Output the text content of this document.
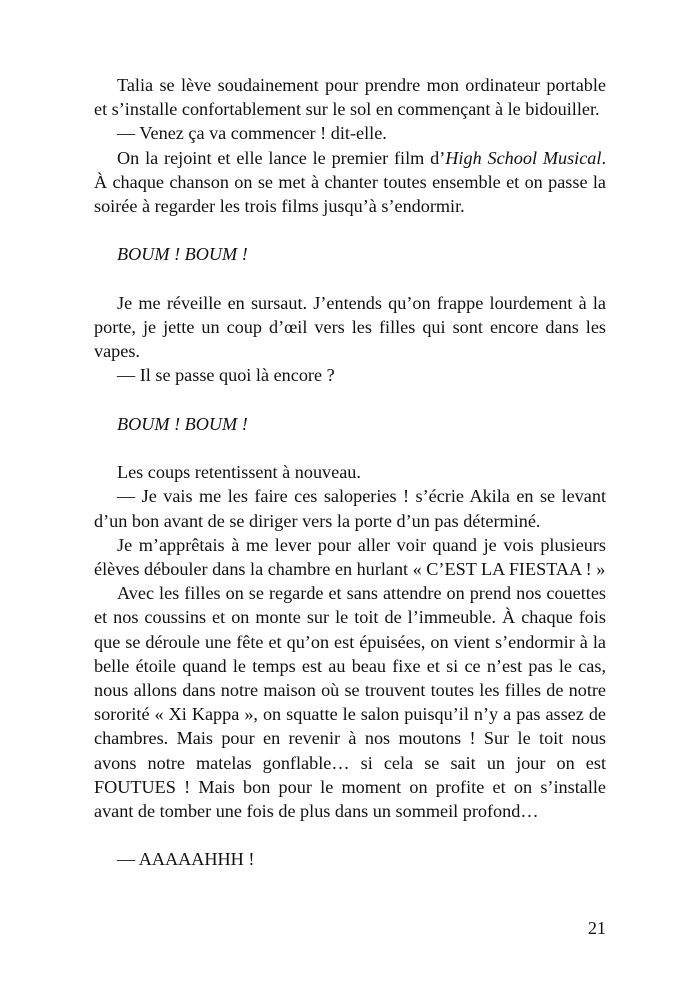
Talia se lève soudainement pour prendre mon ordinateur portable et s’installe confortablement sur le sol en commençant à le bidouiller.

— Venez ça va commencer ! dit-elle.

On la rejoint et elle lance le premier film d’High School Musical. À chaque chanson on se met à chanter toutes ensemble et on passe la soirée à regarder les trois films jusqu’à s’endormir.

BOUM ! BOUM !

Je me réveille en sursaut. J’entends qu’on frappe lourdement à la porte, je jette un coup d’œil vers les filles qui sont encore dans les vapes.

— Il se passe quoi là encore ?

BOUM ! BOUM !

Les coups retentissent à nouveau.

— Je vais me les faire ces saloperies ! s’écrie Akila en se levant d’un bon avant de se diriger vers la porte d’un pas déterminé.

Je m’apprêtais à me lever pour aller voir quand je vois plusieurs élèves débouler dans la chambre en hurlant « C’EST LA FIESTAA ! »

Avec les filles on se regarde et sans attendre on prend nos couettes et nos coussins et on monte sur le toit de l’immeuble. À chaque fois que se déroule une fête et qu’on est épuisées, on vient s’endormir à la belle étoile quand le temps est au beau fixe et si ce n’est pas le cas, nous allons dans notre maison où se trouvent toutes les filles de notre sororité « Xi Kappa », on squatte le salon puisqu’il n’y a pas assez de chambres. Mais pour en revenir à nos moutons ! Sur le toit nous avons notre matelas gonflable… si cela se sait un jour on est FOUTUES ! Mais bon pour le moment on profite et on s’installe avant de tomber une fois de plus dans un sommeil profond…

— AAAAAHHH !

21
